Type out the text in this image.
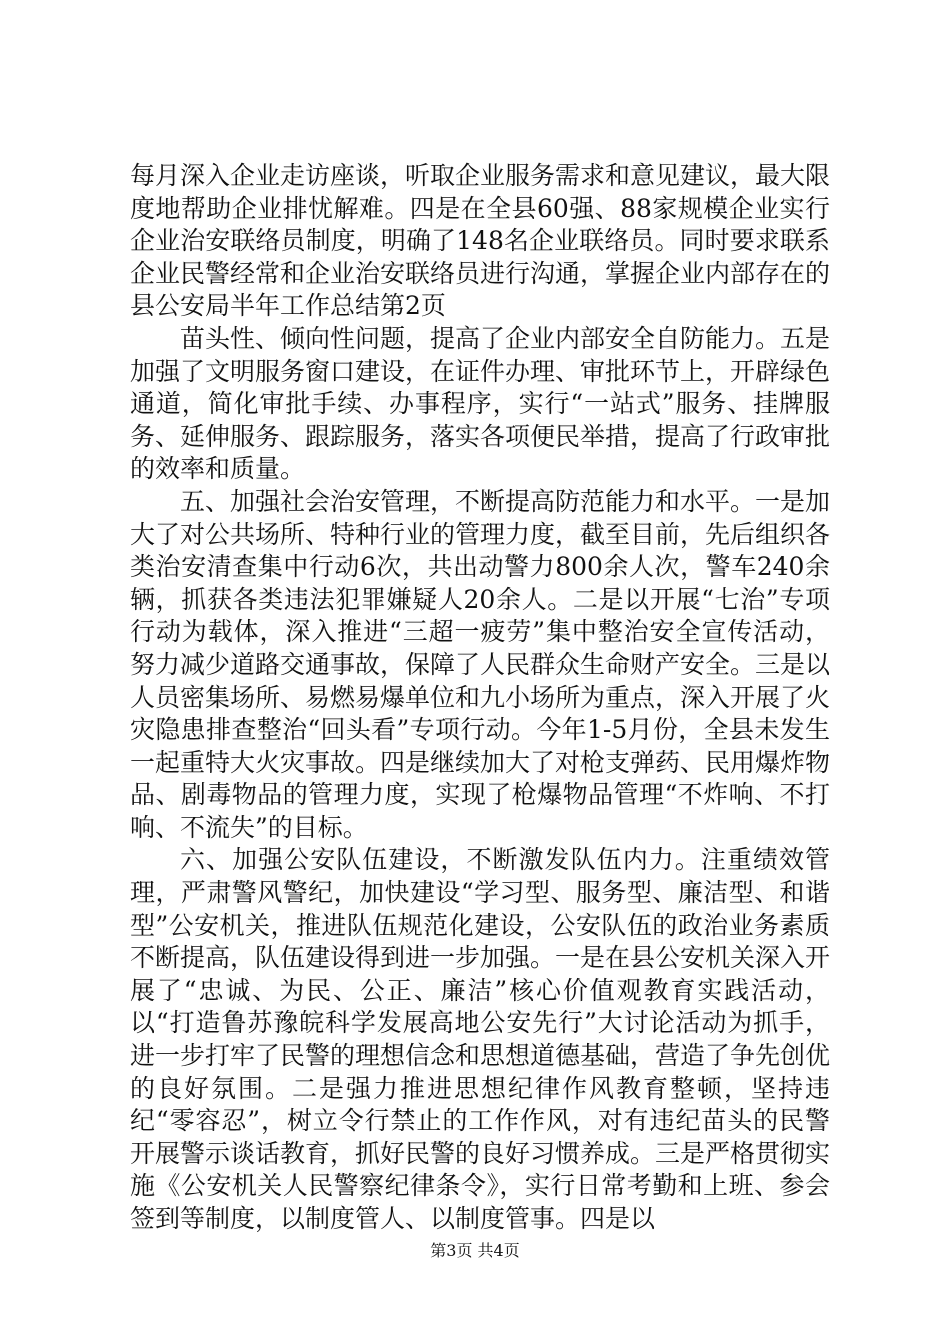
每月深入企业走访座谈，听取企业服务需求和意见建议，最大限度地帮助企业排忧解难。四是在全县60强、88家规模企业实行企业治安联络员制度，明确了148名企业联络员。同时要求联系企业民警经常和企业治安联络员进行沟通，掌握企业内部存在的县公安局半年工作总结第2页

苗头性、倾向性问题，提高了企业内部安全自防能力。五是加强了文明服务窗口建设，在证件办理、审批环节上，开辟绿色通道，简化审批手续、办事程序，实行“一站式”服务、挂牌服务、延伸服务、跟踪服务，落实各项便民举措，提高了行政审批的效率和质量。

五、加强社会治安管理，不断提高防范能力和水平。一是加大了对公共场所、特种行业的管理力度，截至目前，先后组织各类治安清查集中行动6次，共出动警力800余人次，警车240余辆，抓获各类违法犯罪嫌疑人20余人。二是以开展“七治”专项行动为载体，深入推进“三超一疲劳”集中整治安全宣传活动，努力减少道路交通事故，保障了人民群众生命财产安全。三是以人员密集场所、易燃易爆单位和九小场所为重点，深入开展了火灾隐患排查整治“回头看”专项行动。今年1-5月份，全县未发生一起重特大火灾事故。四是继续加大了对枪支弹药、民用爆炸物品、剧毒物品的管理力度，实现了枪爆物品管理“不炸响、不打响、不流失”的目标。

六、加强公安队伍建设，不断激发队伍内力。注重绩效管理，严肃警风警纪，加快建设“学习型、服务型、廉洁型、和谐型”公安机关，推进队伍规范化建设，公安队伍的政治业务素质不断提高，队伍建设得到进一步加强。一是在县公安机关深入开展了“忠诚、为民、公正、廉洁”核心价值观教育实践活动，以“打造鲁苏豫皖科学发展高地公安先行”大讨论活动为抓手，进一步打牢了民警的理想信念和思想道德基础，营造了争先创优的良好氛围。二是强力推进思想纪律作风教育整顿，坚持违纪“零容忍”，树立令行禁止的工作作风，对有违纪苗头的民警开展警示谈话教育，抓好民警的良好习惯养成。三是严格贯彻实施《公安机关人民警察纪律条令》，实行日常考勤和上班、参会签到等制度，以制度管人、以制度管事。四是以

第3页 共4页
